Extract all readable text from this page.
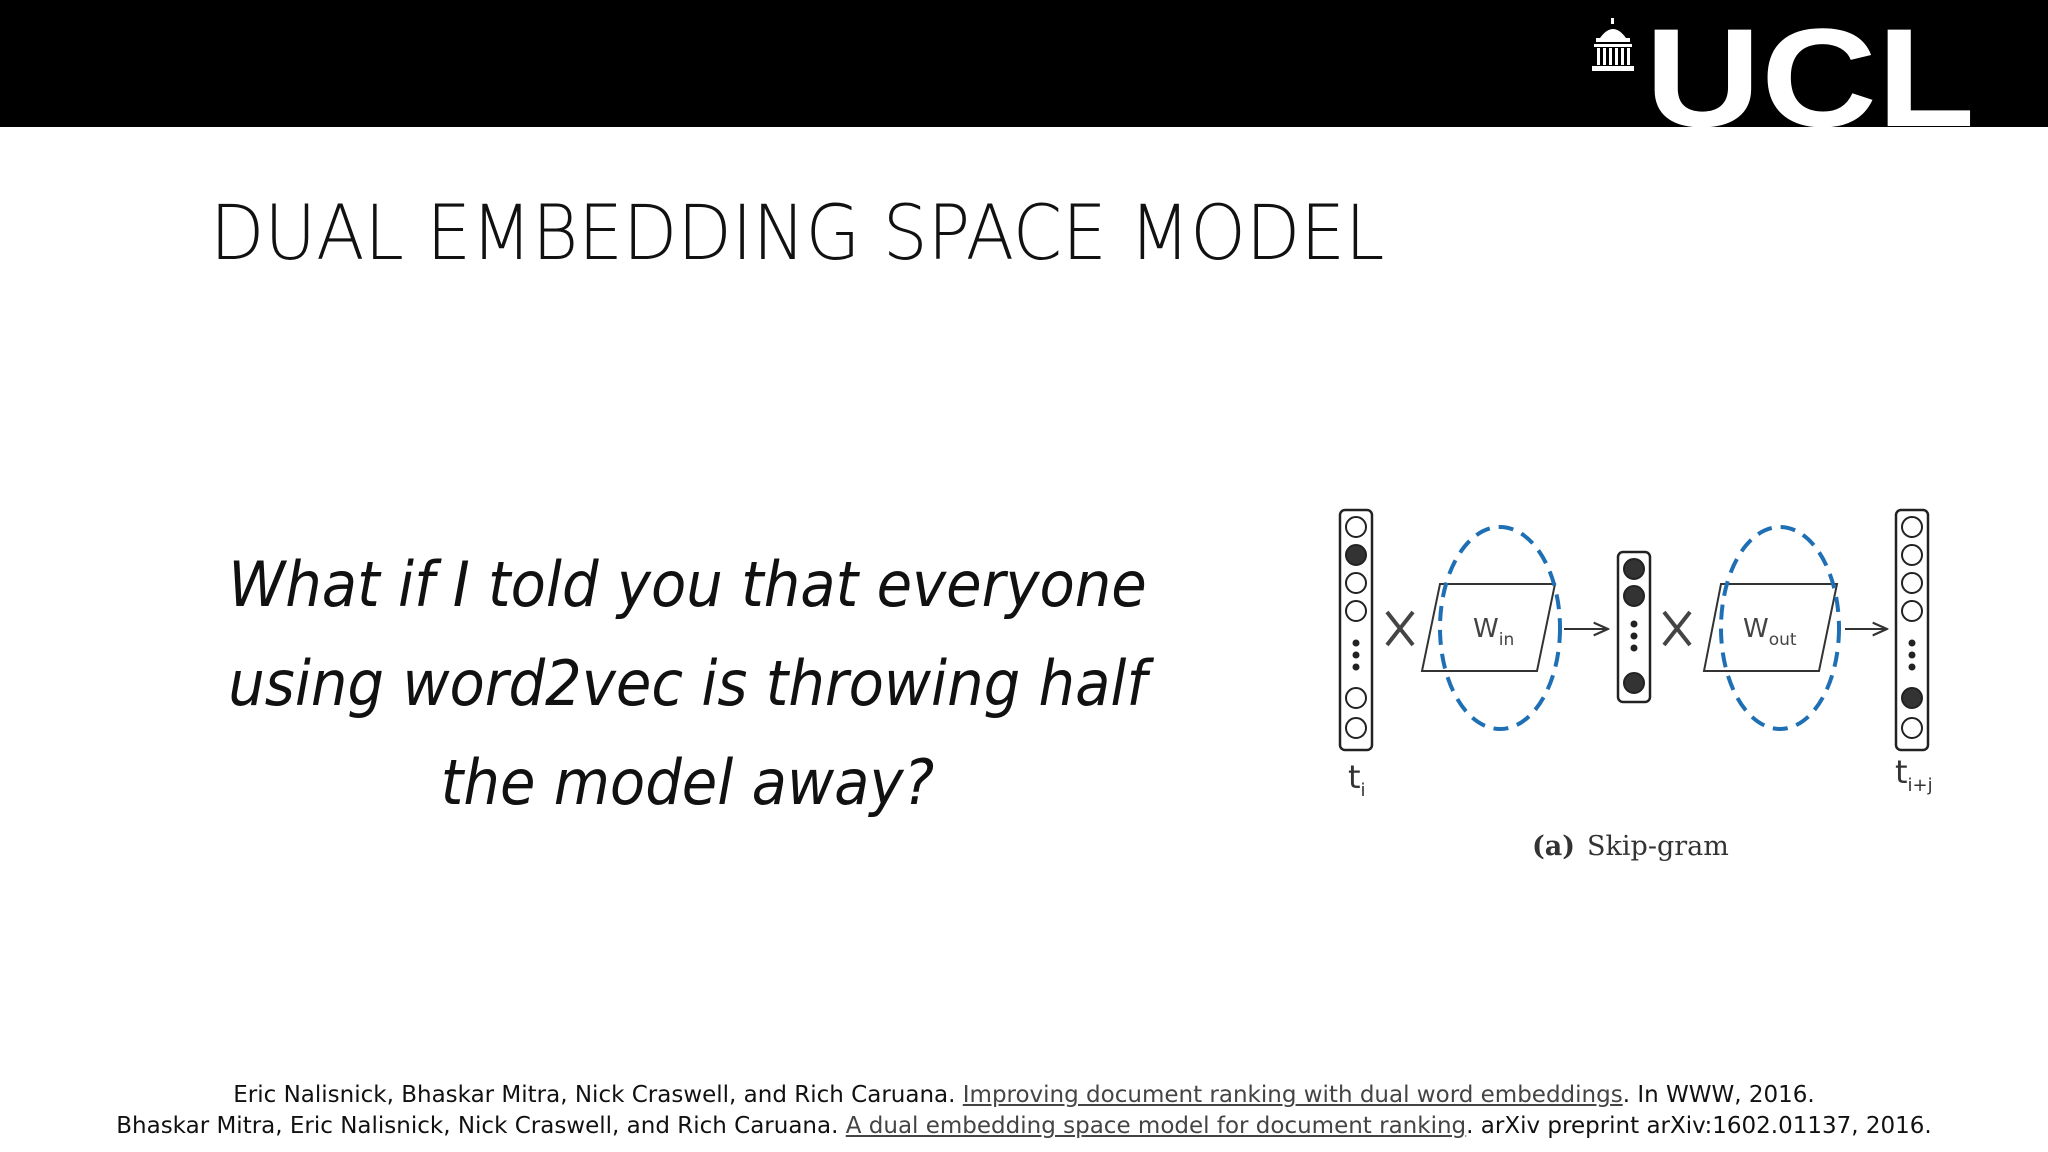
UCL
DUAL EMBEDDING SPACE MODEL
What if I told you that everyone
using word2vec is throwing half
the model away?	$t_i$
$W_{in}$	$W_{out}$
$t_{i+j}$
(a) Skip-gram
Eric Nalisnick, Bhaskar Mitra, Nick Craswell, and Rich Caruana. Improving document ranking with dual word embeddings. In WWW, 2016.
Bhaskar Mitra, Eric Nalisnick, Nick Craswell, and Rich Caruana. A dual embedding space model for document ranking. arXiv preprint arXiv:1602.01137, 2016.
